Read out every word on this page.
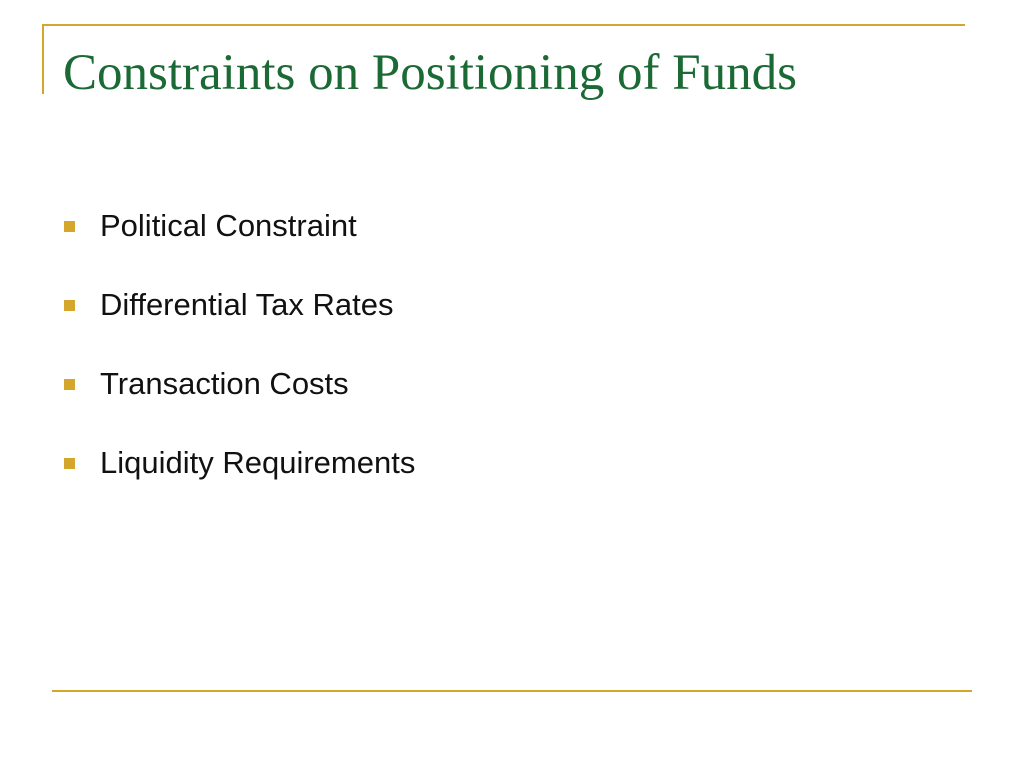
Constraints on Positioning of Funds
Political Constraint
Differential Tax Rates
Transaction Costs
Liquidity Requirements
